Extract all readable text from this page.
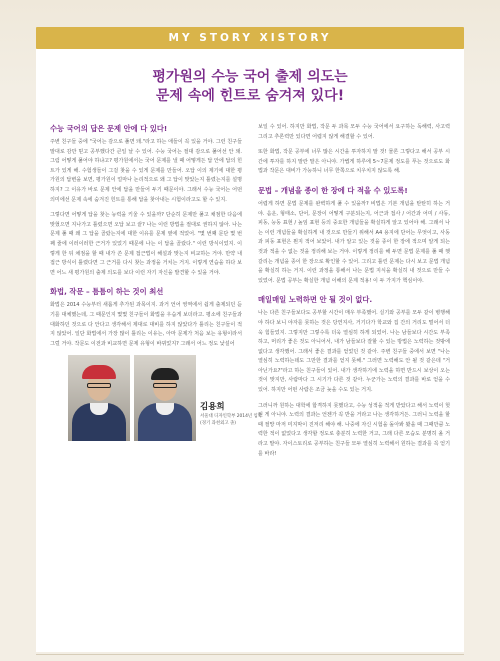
MY STORY XISTORY
평가원의 수능 국어 출제 의도는
문제 속에 힌트로 숨겨져 있다!
수능 국어의 답은 문제 안에 다 있다!

주변 친구들 중에 "국어는 감으로 풀면 돼."라고 하는 애들이 꼭 있을 거야. 그런 친구들 말대로 감만 믿고 공부했다간 큰일 날 수 있어. 수능 국어는 절대 감으로 풀어선 안 돼. 그럼 어떻게 풀어야 하냐고? 평가원에서는 국어 문제를 낼 때 어떻게든 답 안에 답의 힌트가 있게 해. 수험생들이 그걸 찾을 수 있게 문제를 만들어. 오답 이의 제기에 대한 평가원의 답변을 보면, 평가원이 얼마나 논리적으로 왜 그 답이 맞았는지 틀렸는지를 설명하지? 그 이유가 바로 문제 안에 답을 만들어 두기 때문이야. 그래서 수능 국어는 어떤 의미에선 문제 속에 숨겨진 힌트를 통해 답을 찾아내는 시험이라고도 할 수 있지.

그렇다면 어떻게 답을 찾는 능력을 키울 수 있을까? 단순히 문제만 풀고 채점한 다음에 맞혔으면 지나가고 틀렸으면 오답 보고 끝? 나는 이런 방법을 절대로 권하지 않아. 나는 문제 풀 때 왜 그 답을 골랐는지에 대한 이유를 문제 옆에 적었어. "몇 번째 문단 몇 번째 줄에 이러이러한 근거가 있었기 때문에 나는 이 답을 골랐다." 이런 방식이었지. 이렇게 한 뒤 채점을 할 때 내가 쓴 문제 접근법이 해설과 맞는지 비교하는 거야. 만약 내 접근 방식이 틀렸다면 그 근거를 다시 찾는 과정을 거치는 거지. 이렇게 연습을 하다 보면 어느 새 평가원의 출제 의도를 보다 이런 자기 자신을 발견할 수 있을 거야.

화법, 작문 – 틈틈이 하는 것이 최선

화법은 2014 수능부터 새롭게 추가된 과목이지. 과거 언어 영역에서 쉽게 출제되던 듣기를 대체했는데, 그 때문인지 몇몇 친구들이 화법을 우습게 보더라고. 평소에 친구들과 대화하던 것으로 다 안다고 생각해서 제대로 대비를 하지 않았다가 틀리는 친구들이 적지 않았어. 일단 화법에서 가장 많이 틀리는 이유는, 아마 문제가 처음 보는 유형이라서 그럴 거야. 작문도 이전과 비교하면 문제 유형이 바뀌었지? 그래서 어느 정도 낯설어

김용희
서울대 디자인학부 2014년 입학
(경기 과천외고 졸)

보일 수 있어. 하지만 화법, 작문 두 과목 모두 수능 국어에서 요구하는 독해력, 사고력 그리고 추론력만 있다면 어렵지 않게 해결할 수 있어.

또한 화법, 작문 공부에 너무 많은 시간을 투자하지 말 것! 물론 그렇다고 해서 공부 시간에 투자를 하지 말란 말은 아니야. 가볍게 하루에 5~7문제 정도를 푸는 것으로도 화법과 작문은 대비가 가능하니 너무 한쪽으로 치우치지 않도록 해.

문법 – 개념을 종이 한 장에 다 적을 수 있도록!

어렵게 하면 문법 문제를 완벽하게 풀 수 있을까? 비법은 기본 개념을 탄탄히 하는 거야. 음운, 형태소, 단어, 문장이 어떻게 구분되는지, 어근과 접사 / 어간과 어미 / 사동, 피동, 능동 표현 / 높임 표현 등의 중요한 개념들을 확실하게 알고 있어야 해. 그래서 나는 이런 개념들을 확실하게 내 것으로 만들기 위해서 A4 용지에 단어는 무엇이고, 사동과 피동 표현은 뭔지 적어 보았어. 내가 알고 있는 것을 종이 한 장에 적으며 알게 되는 것과 적을 수 없는 것을 정리해 보는 거야. 이렇게 정리를 해 두면 문법 문제를 풀 때 헷갈리는 개념을 종이 한 장으로 확인할 수 있어. 그리고 틀린 문제는 다시 보고 문법 개념을 확실히 하는 거지. 이런 과정을 통해서 나는 문법 지식을 확실히 내 것으로 만들 수 있었어. 문법 공부는 확실한 개념 이해의 문제 적용! 이 두 가지가 핵심이야.

매일매일 노력하면 안 될 것이 없다.

나는 다른 친구들보다도 공부할 시간이 매우 부족했어. 실기와 공부를 모두 같이 병행해야 하다 보니 야자를 못하는 것은 당연지사, 거기다가 학교와 집 간의 거리도 멀어서 더욱 힘들었지. 그렇지만 그렇수록 더욱 열심히 하게 되었어. 나는 남들보다 시간도 부족하고, 머리가 좋은 것도 아니어서, 내가 남들보다 잘할 수 있는 방법은 노력하는 것밖에 없다고 생각했어. 그래서 좋은 결과를 얻었던 것 같아. 주변 친구들 중에서 보면 "나는 열심히 노력하는데도 그만한 결과를 얻지 못해." 그러면 노력해도 안 될 것 같은데 "거 아닌가요?"라고 하는 친구들이 있어. 내가 생각하기에 노력을 하면 반드시 보상이 오는 것이 맞지만, 사람마다 그 시기가 다른 것 같아. 누군가는 노력의 결과를 바로 얻을 수 있어. 하지만 어떤 사람은 조금 늦을 수도 있는 거지.

그러니까 원하는 대학에 합격하지 못했다고, 수능 성적을 적게 받았다고 해서 노력이 헛된 게 아니야. 노력의 결과는 언젠가 꼭 반을 거라고 나는 생각하거든. 그러니 노력을 할 때 절망 마저 미지막이 진저리 해야 해. 나중에 자신 시험을 돌아봐 봤을 때 그때만큼 노력한 적이 없었다고 생각할 정도로 충분히 노력한 거고, 그래 다른 모습도 분명히 올 거라고 말야. 자이스토리로 공부하는 친구들 모두 열심히 노력해서 원하는 결과를 꼭 얻기를 바라!
